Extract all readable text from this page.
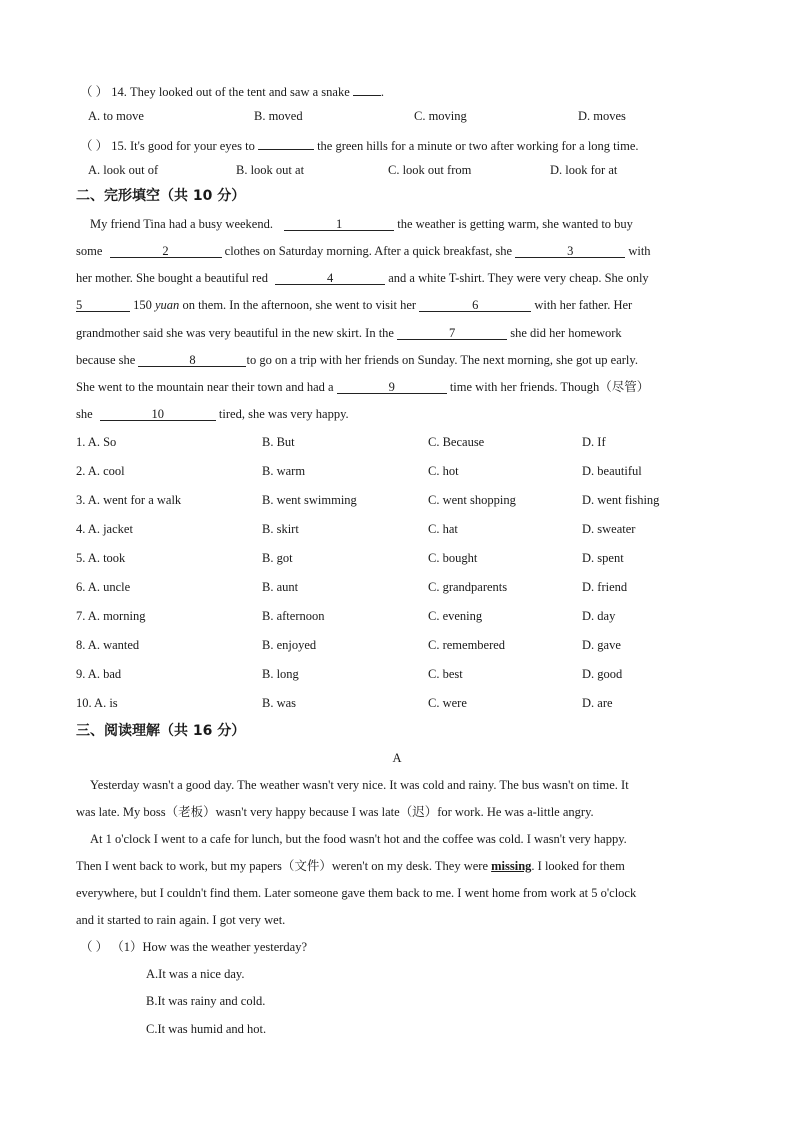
（ ） 14. They looked out of the tent and saw a snake .
A. to move	B. moved	C. moving	D. moves
（ ） 15. It's good for your eyes to	the green hills for a minute or two after working for a long time.
A. look out of	B. look out at	C. look out from	D. look for at
二、完形填空（共 10 分）
My friend Tina had a busy weekend.	1	the weather is getting warm, she wanted to buy
some	2	clothes on Saturday morning. After a quick breakfast, she	3	with
her mother. She bought a beautiful red	4	and a white T-shirt. They were very cheap. She only
5	150 yuan on them. In the afternoon, she went to visit her	6	with her father. Her
grandmother said she was very beautiful in the new skirt. In the	7	she did her homework
because she	8	to go on a trip with her friends on Sunday. The next morning, she got up early.
She went to the mountain near their town and had a	9	time with her friends. Though（尽管）
she	10	tired, she was very happy.
1. A. So	B. But	C. Because	D. If
2. A. cool	B. warm	C. hot	D. beautiful
3. A. went for a walk	B. went swimming	C. went shopping	D. went fishing
4. A. jacket	B. skirt	C. hat	D. sweater
5. A. took	B. got	C. bought	D. spent
6. A. uncle	B. aunt	C. grandparents	D. friend
7. A. morning	B. afternoon	C. evening	D. day
8. A. wanted	B. enjoyed	C. remembered	D. gave
9. A. bad	B. long	C. best	D. good
10. A. is	B. was	C. were	D. are
三、阅读理解（共 16 分）
A
Yesterday wasn't a good day. The weather wasn't very nice. It was cold and rainy. The bus wasn't on time. It
was late. My boss（老板）wasn't very happy because I was late（迟）for work. He was a-little angry.
At 1 o'clock I went to a cafe for lunch, but the food wasn't hot and the coffee was cold. I wasn't very happy.
Then I went back to work, but my papers（文件）weren't on my desk. They were missing. I looked for them
everywhere, but I couldn't find them. Later someone gave them back to me. I went home from work at 5 o'clock
and it started to rain again. I got very wet.
（ ） （1）How was the weather yesterday?
A.It was a nice day.
B.It was rainy and cold.
C.It was humid and hot.
